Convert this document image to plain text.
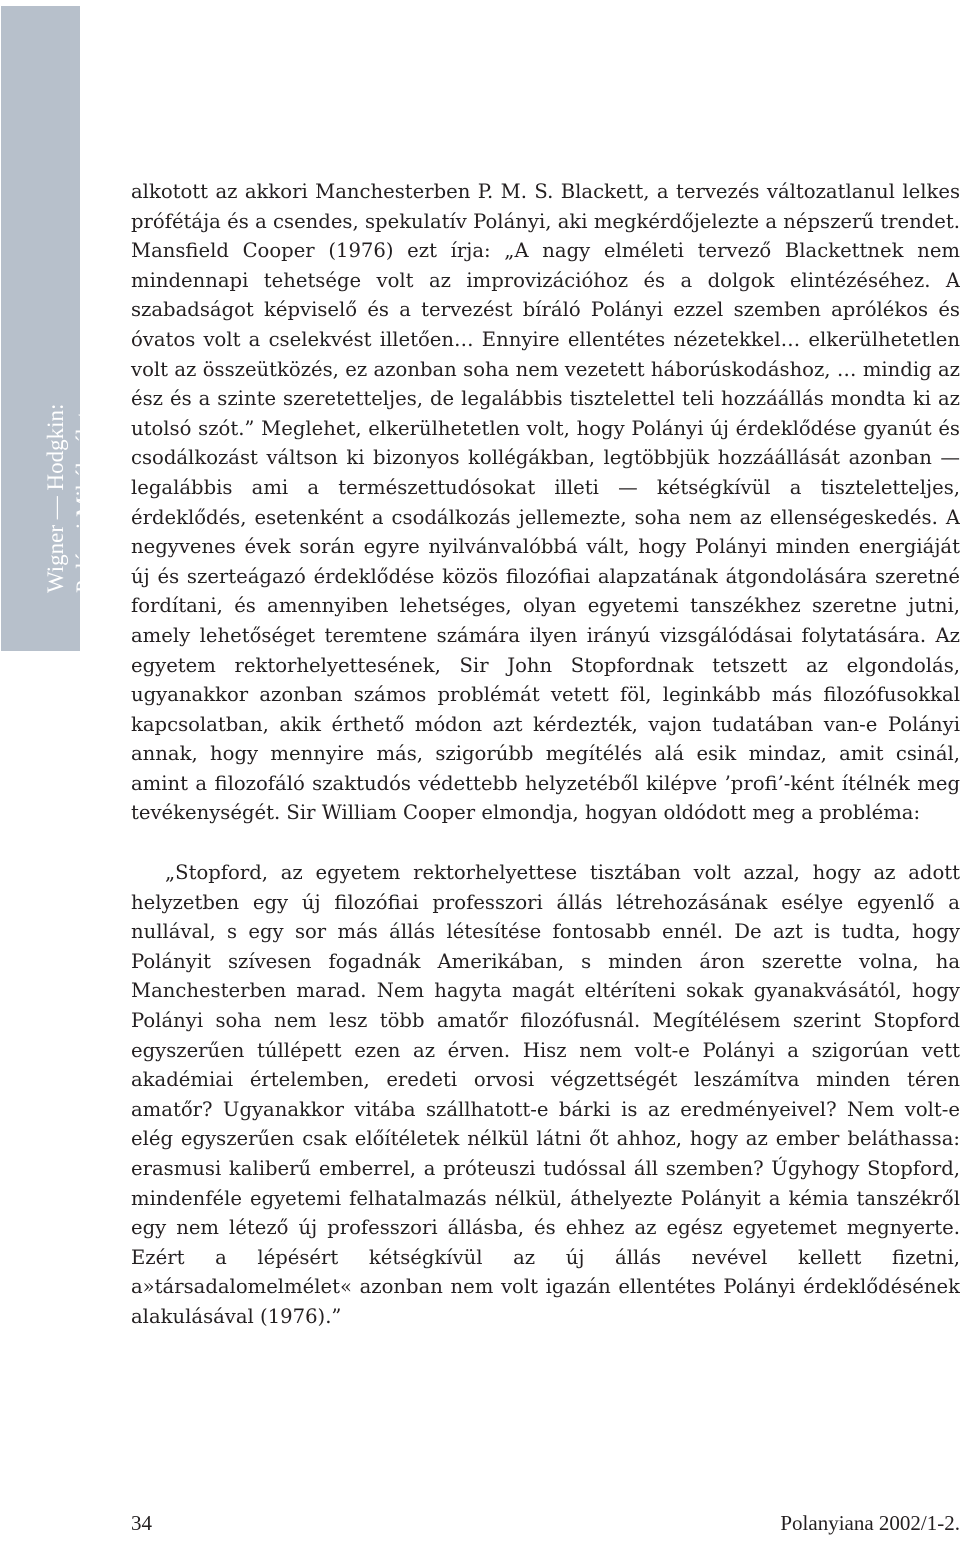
Wigner — Hodgkin: Polányi Mihály élete

alkotott az akkori Manchesterben P. M. S. Blackett, a tervezés változatlanul lelkes prófétája és a csendes, spekulatív Polányi, aki megkérdőjelezte a népszerű trendet. Mansfield Cooper (1976) ezt írja: „A nagy elméleti tervező Blackettnek nem mindennapi tehetsége volt az improvizációhoz és a dolgok elintézéséhez. A szabadságot képviselő és a tervezést bíráló Polányi ezzel szemben aprólékos és óvatos volt a cselekvést illetően… Ennyire ellentétes nézetekkel… elkerülhetetlen volt az összeütközés, ez azonban soha nem vezetett háborúskodáshoz, … mindig az ész és a szinte szeretetteljes, de legalábbis tisztelettel teli hozzáállás mondta ki az utolsó szót.” Meglehet, elkerülhetetlen volt, hogy Polányi új érdeklődése gyanút és csodálkozást váltson ki bizonyos kollégákban, legtöbbjük hozzáállását azonban — legalábbis ami a természettudósokat illeti — kétségkívül a tiszteletteljes, érdeklődés, esetenként a csodálkozás jellemezte, soha nem az ellenségeskedés. A negyvenes évek során egyre nyilvánvalóbbá vált, hogy Polányi minden energiáját új és szerteágazó érdeklődése közös filozófiai alapzatának átgondolására szeretné fordítani, és amennyiben lehetséges, olyan egyetemi tanszékhez szeretne jutni, amely lehetőséget teremtene számára ilyen irányú vizsgálódásai folytatására. Az egyetem rektorhelyettesének, Sir John Stopfordnak tetszett az elgondolás, ugyanakkor azonban számos problémát vetett föl, leginkább más filozófusokkal kapcsolatban, akik érthető módon azt kérdezték, vajon tudatában van-e Polányi annak, hogy mennyire más, szigorúbb megítélés alá esik mindaz, amit csinál, amint a filozofáló szaktudós védettebb helyzetéből kilépve ’profi’-ként ítélnék meg tevékenységét. Sir William Cooper elmondja, hogyan oldódott meg a probléma:

„Stopford, az egyetem rektorhelyettese tisztában volt azzal, hogy az adott helyzetben egy új filozófiai professzori állás létrehozásának esélye egyenlő a nullával, s egy sor más állás létesítése fontosabb ennél. De azt is tudta, hogy Polányit szívesen fogadnák Amerikában, s minden áron szerette volna, ha Manchesterben marad. Nem hagyta magát eltéríteni sokak gyanakvásától, hogy Polányi soha nem lesz több amatőr filozófusnál. Megítélésem szerint Stopford egyszerűen túllépett ezen az érven. Hisz nem volt-e Polányi a szigorúan vett akadémiai értelemben, eredeti orvosi végzettségét leszámítva minden téren amatőr? Ugyanakkor vitába szállhatott-e bárki is az eredményeivel? Nem volt-e elég egyszerűen csak előítéletek nélkül látni őt ahhoz, hogy az ember beláthassa: erasmusi kaliberű emberrel, a próteuszi tudóssal áll szemben? Úgyhogy Stopford, mindenféle egyetemi felhatalmazás nélkül, áthelyezte Polányit a kémia tanszékről egy nem létező új professzori állásba, és ehhez az egész egyetemet megnyerte. Ezért a lépésért kétségkívül az új állás nevével kellett fizetni, a»társadalomelmélet« azonban nem volt igazán ellentétes Polányi érdeklődésének alakulásával (1976).”

34	Polanyiana 2002/1-2.
